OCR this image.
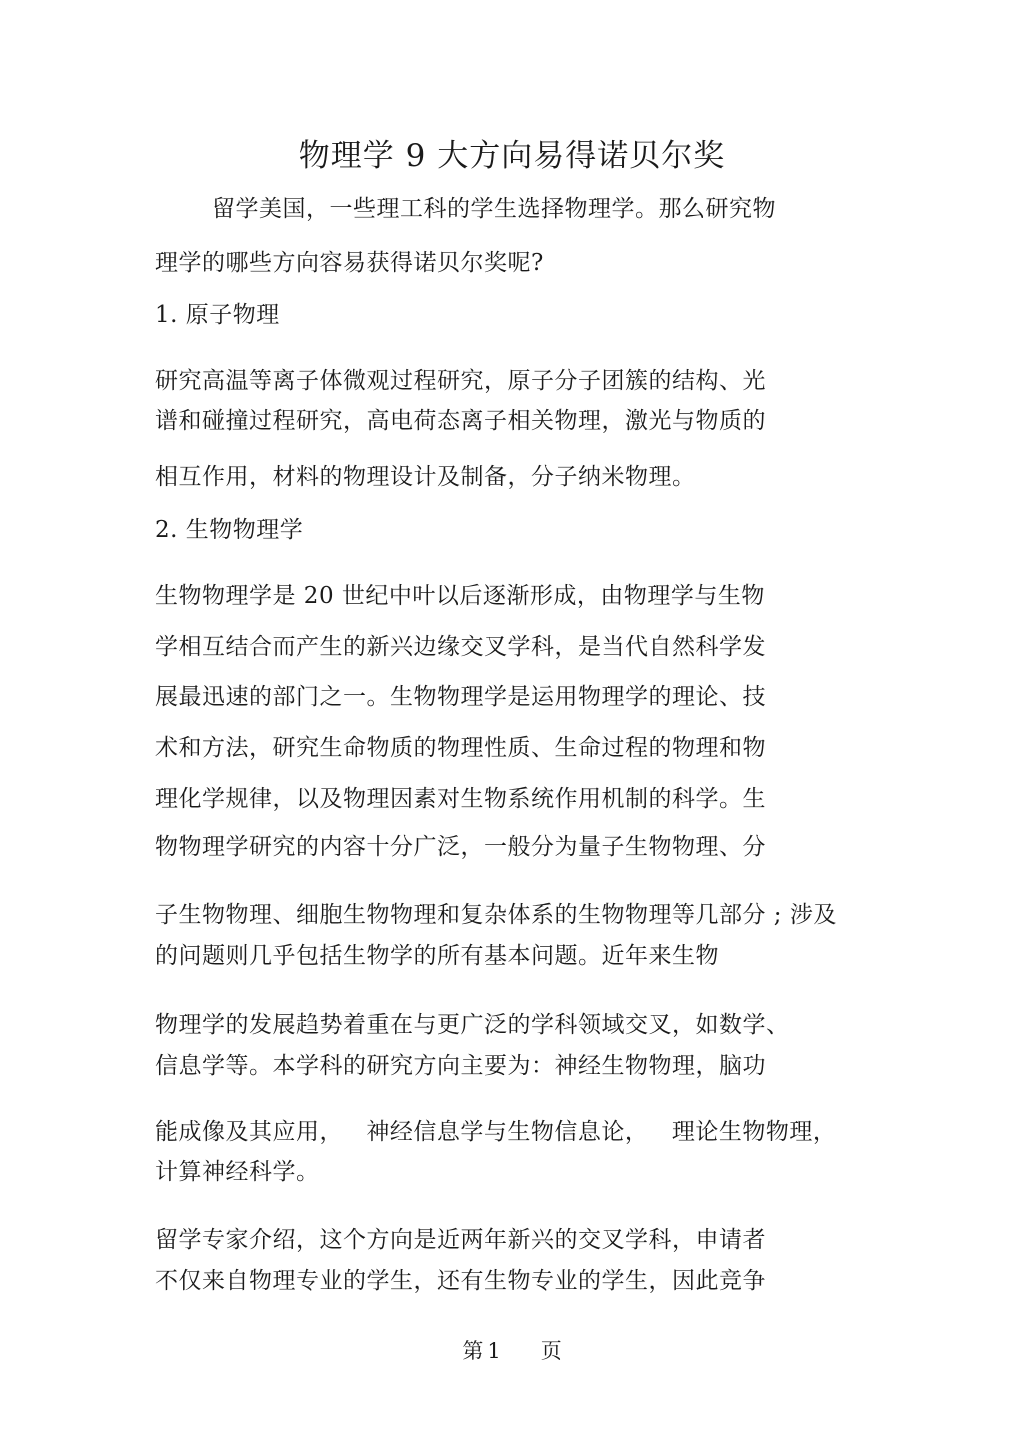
物理学 9 大方向易得诺贝尔奖
留学美国，一些理工科的学生选择物理学。那么研究物
理学的哪些方向容易获得诺贝尔奖呢?
1. 原子物理
研究高温等离子体微观过程研究，原子分子团簇的结构、光
谱和碰撞过程研究，高电荷态离子相关物理，激光与物质的
相互作用，材料的物理设计及制备，分子纳米物理。
2. 生物物理学
生物物理学是 20 世纪中叶以后逐渐形成，由物理学与生物
学相互结合而产生的新兴边缘交叉学科，是当代自然科学发
展最迅速的部门之一。生物物理学是运用物理学的理论、技
术和方法，研究生命物质的物理性质、生命过程的物理和物
理化学规律，以及物理因素对生物系统作用机制的科学。生
物物理学研究的内容十分广泛，一般分为量子生物物理、分
子生物物理、细胞生物物理和复杂体系的生物物理等几部分 ; 涉及
的问题则几乎包括生物学的所有基本问题。近年来生物
物理学的发展趋势着重在与更广泛的学科领域交叉，如数学、
信息学等。本学科的研究方向主要为：神经生物物理，脑功
能成像及其应用，   神经信息学与生物信息论，   理论生物物理，
计算神经科学。
留学专家介绍，这个方向是近两年新兴的交叉学科，申请者
不仅来自物理专业的学生，还有生物专业的学生，因此竞争
第 1 页
